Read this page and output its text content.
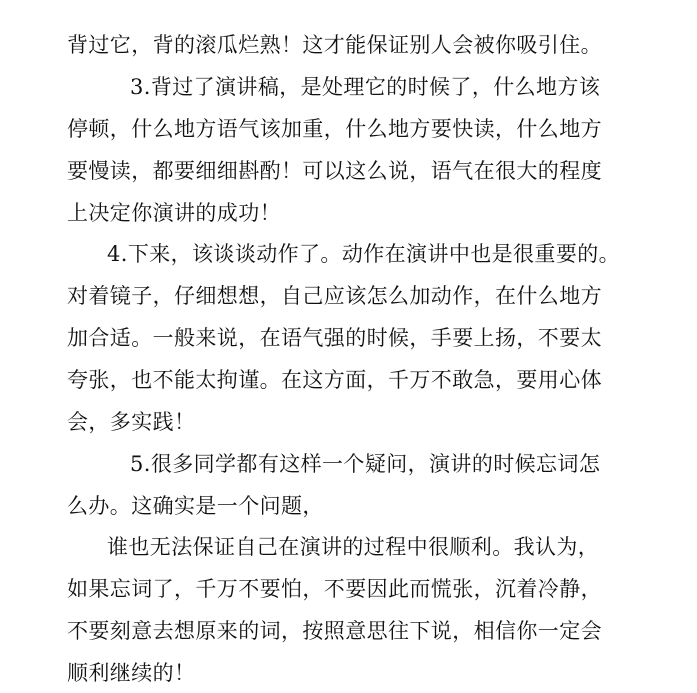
背过它，背的滚瓜烂熟！这才能保证别人会被你吸引住。
3.背过了演讲稿，是处理它的时候了，什么地方该
停顿，什么地方语气该加重，什么地方要快读，什么地方
要慢读，都要细细斟酌！可以这么说，语气在很大的程度
上决定你演讲的成功！
4.下来，该谈谈动作了。动作在演讲中也是很重要的。
对着镜子，仔细想想，自己应该怎么加动作，在什么地方
加合适。一般来说，在语气强的时候，手要上扬，不要太
夸张，也不能太拘谨。在这方面，千万不敢急，要用心体
会，多实践！
5.很多同学都有这样一个疑问，演讲的时候忘词怎
么办。这确实是一个问题，
谁也无法保证自己在演讲的过程中很顺利。我认为，
如果忘词了，千万不要怕，不要因此而慌张，沉着冷静，
不要刻意去想原来的词，按照意思往下说，相信你一定会
顺利继续的！
